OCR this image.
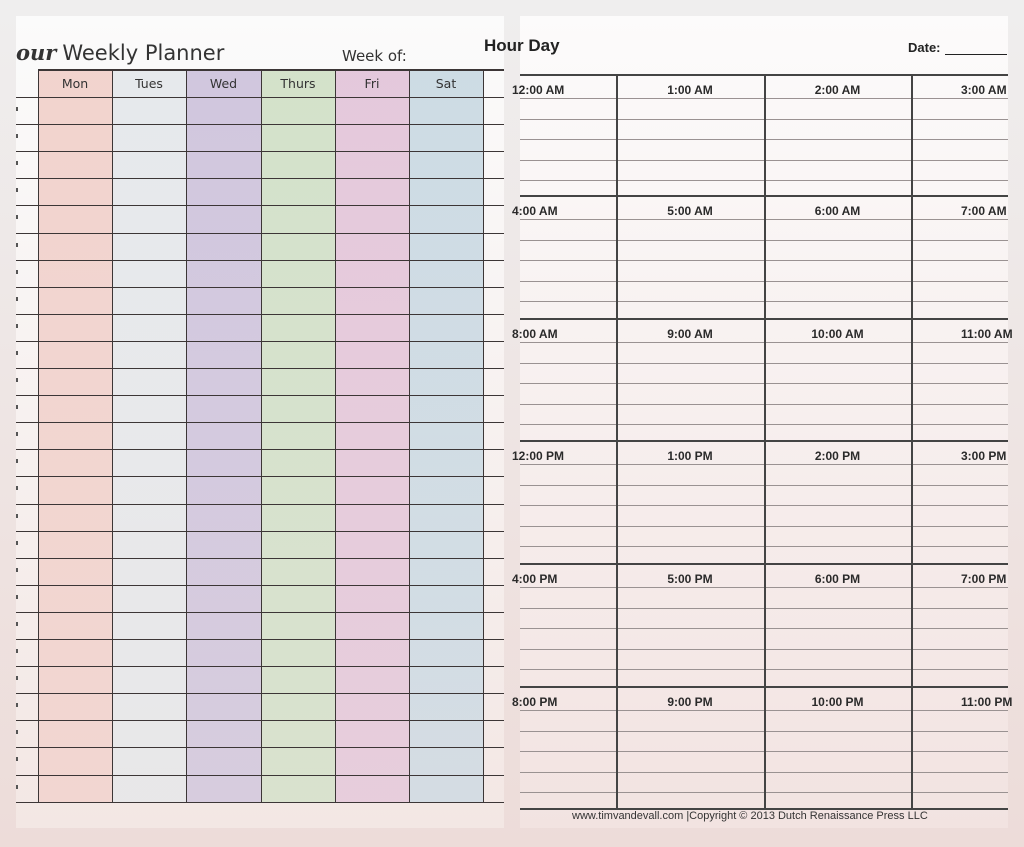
our Weekly Planner	Week of:
Mon	Tues	Wed	Thurs	Fri	Sat
Hour Day	Date:
12:00 AM	1:00 AM	2:00 AM	3:00 AM
4:00 AM	5:00 AM	6:00 AM	7:00 AM
8:00 AM	9:00 AM	10:00 AM	11:00 AM
12:00 PM	1:00 PM	2:00 PM	3:00 PM
4:00 PM	5:00 PM	6:00 PM	7:00 PM
8:00 PM	9:00 PM	10:00 PM	11:00 PM
www.timvandevall.com |Copyright © 2013 Dutch Renaissance Press LLC
